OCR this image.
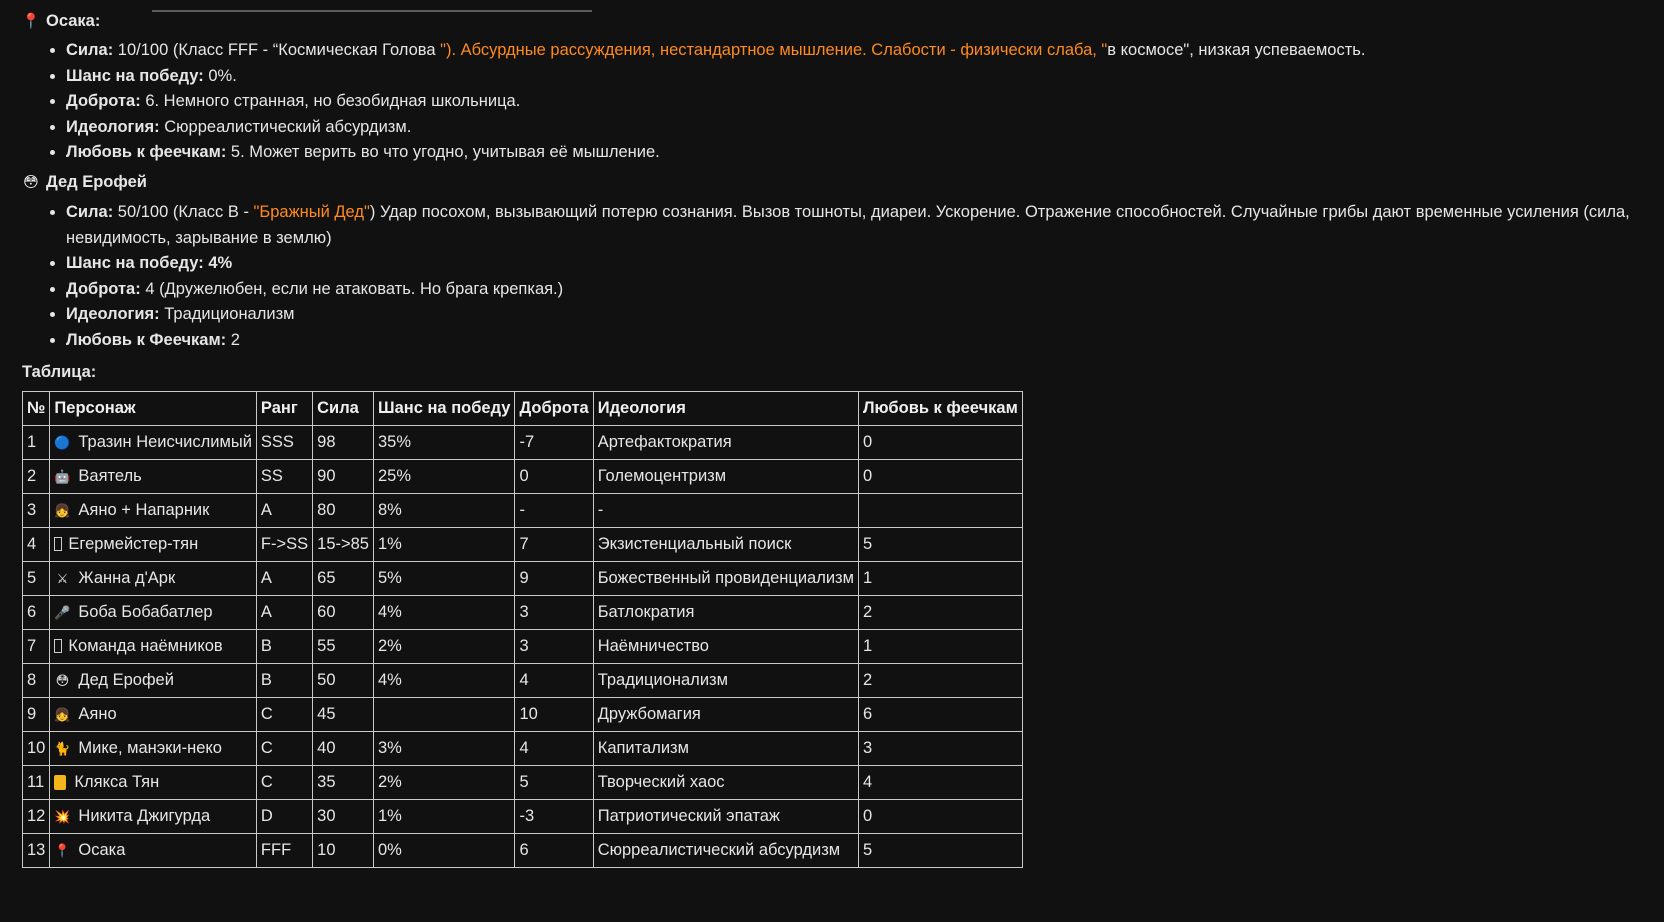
📍 Осака:
• Сила: 10/100 (Класс FFF - “Космическая Голова "). Абсурдные рассуждения, нестандартное мышление. Слабости - физически слаба, "в космосе", низкая успеваемость.
• Шанс на победу: 0%.
• Доброта: 6. Немного странная, но безобидная школьница.
• Идеология: Сюрреалистический абсурдизм.
• Любовь к феечкам: 5. Может верить во что угодно, учитывая её мышление.
😳 Дед Ерофей
• Сила: 50/100 (Класс B - "Бражный Дед") Удар посохом, вызывающий потерю сознания. Вызов тошноты, диареи. Ускорение. Отражение способностей. Случайные грибы дают временные усиления (сила, невидимость, зарывание в землю)
• Шанс на победу: 4%
• Доброта: 4 (Дружелюбен, если не атаковать. Но брага крепкая.)
• Идеология: Традиционализм
• Любовь к Феечкам: 2
Таблица:
№	Персонаж	Ранг	Сила	Шанс на победу	Доброта	Идеология	Любовь к феечкам
1	🔵 Тразин Неисчислимый	SSS	98	35%	-7	Артефактократия	0
2	🤖 Ваятель	SS	90	25%	0	Големоцентризм	0
3	👧 Аяно + Напарник	A	80	8%	-	-	
4	Егермейстер-тян	F->SS	15->85	1%	7	Экзистенциальный поиск	5
5	⚔ Жанна д'Арк	A	65	5%	9	Божественный провиденциализм	1
6	🎤 Боба Бобабатлер	A	60	4%	3	Батлократия	2
7	Команда наёмников	B	55	2%	3	Наёмничество	1
8	😳 Дед Ерофей	B	50	4%	4	Традиционализм	2
9	👧 Аяно	C	45		10	Дружбомагия	6
10	🐈 Мике, манэки-неко	C	40	3%	4	Капитализм	3
11	Клякса Тян	C	35	2%	5	Творческий хаос	4
12	💥 Никита Джигурда	D	30	1%	-3	Патриотический эпатаж	0
13	📍 Осака	FFF	10	0%	6	Сюрреалистический абсурдизм	5
